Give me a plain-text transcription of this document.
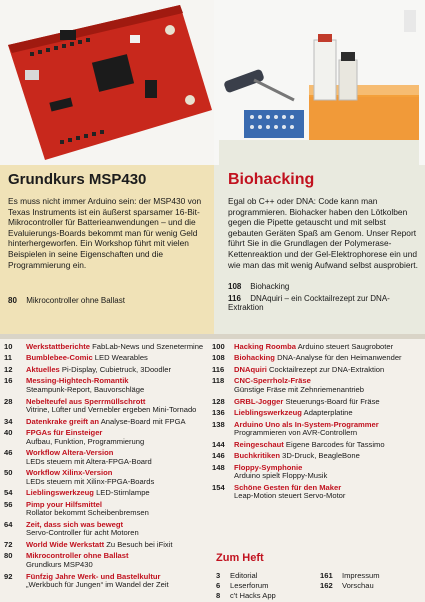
Grundkurs MSP430
Es muss nicht immer Arduino sein: der MSP430 von Texas Instruments ist ein äußerst sparsamer 16-Bit-Mikrocontroller für Batterieanwendungen – und die Evaluierungs-Boards bekommt man für wenig Geld hinterhergeworfen. Ein Workshop führt mit vielen Beispielen in seine Eigenschaften und die Programmierung ein.
80 Mikrocontroller ohne Ballast
Biohacking
Egal ob C++ oder DNA: Code kann man programmieren. Biohacker haben den Lötkolben gegen die Pipette getauscht und mit selbst gebauten Geräten Spaß am Genom. Unser Report führt Sie in die Grundlagen der Polymerase-Kettenreaktion und der Gel-Elektrophorese ein und wie man das mit wenig Aufwand selbst ausprobiert.
108 Biohacking
116 DNAquiri – ein Cocktailrezept zur DNA-Extraktion
10	Werkstattberichte FabLab-News und Szenetermine
11	Bumblebee-Comic LED Wearables
12	Aktuelles Pi-Display, Cubietruck, 3Doodler
16	Messing-Hightech-Romantik
Steampunk-Report, Bauvorschläge
28	Nebelteufel aus Sperrmüllschrott
Vitrine, Lüfter und Vernebler ergeben Mini-Tornado
34	Datenkrake greift an Analyse-Board mit FPGA
40	FPGAs für Einsteiger
Aufbau, Funktion, Programmierung
46	Workflow Altera-Version
LEDs steuern mit Altera-FPGA-Board
50	Workflow Xilinx-Version
LEDs steuern mit Xilinx-FPGA-Boards
54	Lieblingswerkzeug LED-Stirnlampe
56	Pimp your Hilfsmittel
Rollator bekommt Scheibenbremsen
64	Zeit, dass sich was bewegt
Servo-Controller für acht Motoren
72	World Wide Werkstatt Zu Besuch bei iFixit
80	Mikrocontroller ohne Ballast
Grundkurs MSP430
92	Fünfzig Jahre Werk- und Bastelkultur
„Werkbuch für Jungen“ im Wandel der Zeit
100	Hacking Roomba Arduino steuert Saugroboter
108	Biohacking DNA-Analyse für den Heimanwender
116	DNAquiri Cocktailrezept zur DNA-Extraktion
118	CNC-Sperrholz-Fräse
Günstige Fräse mit Zehnriemenantrieb
128	GRBL-Jogger Steuerungs-Board für Fräse
136	Lieblingswerkzeug Adapterplatine
138	Arduino Uno als In-System-Programmer
Programmieren von AVR-Controllern
144	Reingeschaut Eigene Barcodes für Tassimo
146	Buchkritiken 3D-Druck, BeagleBone
148	Floppy-Symphonie
Arduino spielt Floppy-Musik
154	Schöne Gesten für den Maker
Leap-Motion steuert Servo-Motor
Zum Heft
3	Editorial
6	Leserforum
8	c't Hacks App
161	Impressum
162	Vorschau
